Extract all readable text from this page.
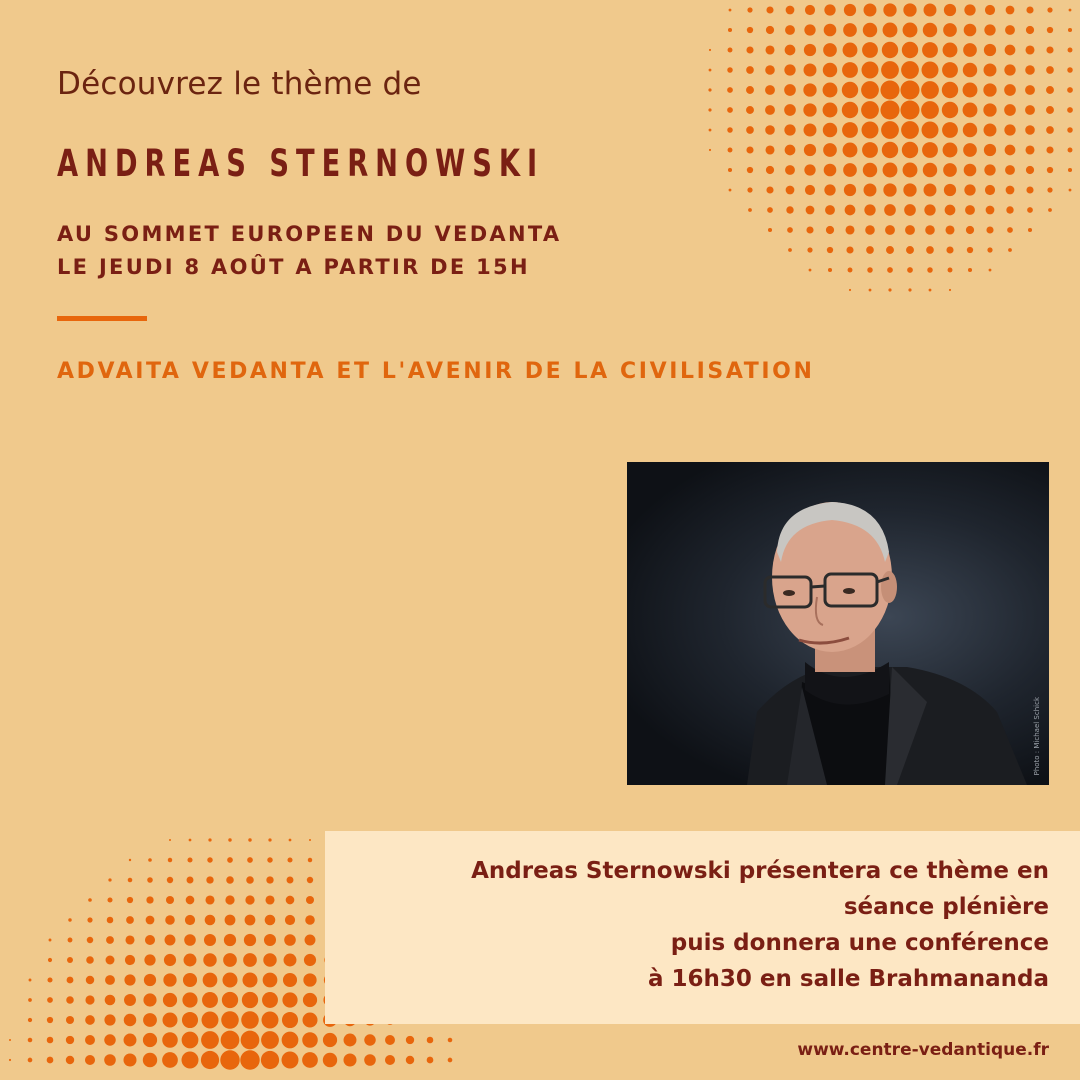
Découvrez le thème de
ANDREAS STERNOWSKI
AU SOMMET EUROPEEN DU VEDANTA
LE JEUDI 8 AOÛT A PARTIR DE 15H
ADVAITA VEDANTA ET L'AVENIR DE LA CIVILISATION
Photo : Michael Schick
Andreas Sternowski présentera ce thème en
séance plénière
puis donnera une conférence
à 16h30 en salle Brahmananda
www.centre-vedantique.fr
